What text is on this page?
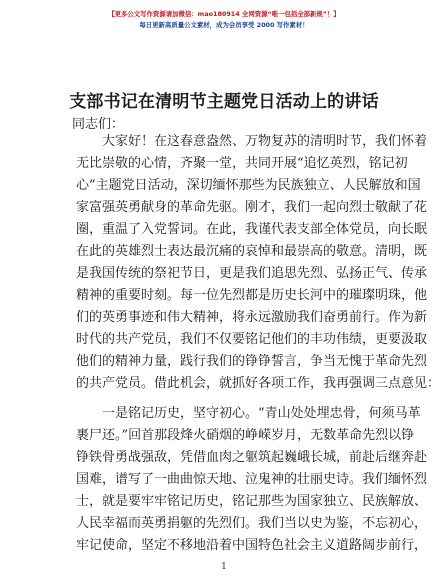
【更多公文写作资源请加微信：mao180914 全网资源“唯一包括全部新规”！】
每日更新高质量公文素材，成为会员享受 2000 写作素材！
支部书记在清明节主题党日活动上的讲话
同志们：
大家好！在这春意盎然、万物复苏的清明时节，我们怀着
无比崇敬的心情，齐聚一堂，共同开展“追忆英烈，铭记初
心”主题党日活动，深切缅怀那些为民族独立、人民解放和国
家富强英勇献身的革命先驱。刚才，我们一起向烈士敬献了花
圈，重温了入党誓词。在此，我谨代表支部全体党员，向长眠
在此的英雄烈士表达最沉痛的哀悼和最崇高的敬意。清明，既
是我国传统的祭祀节日，更是我们追思先烈、弘扬正气、传承
精神的重要时刻。每一位先烈都是历史长河中的璀璨明珠，他
们的英勇事迹和伟大精神，将永远激励我们奋勇前行。作为新
时代的共产党员，我们不仅要铭记他们的丰功伟绩，更要汲取
他们的精神力量，践行我们的铮铮誓言，争当无愧于革命先烈
的共产党员。借此机会，就抓好各项工作，我再强调三点意见：
一是铭记历史，坚守初心。“青山处处埋忠骨，何须马革
裹尸还。”回首那段烽火硝烟的峥嵘岁月，无数革命先烈以铮
铮铁骨勇战强敌，凭借血肉之躯筑起巍峨长城，前赴后继奔赴
国难，谱写了一曲曲惊天地、泣鬼神的壮丽史诗。我们缅怀烈
士，就是要牢牢铭记历史，铭记那些为国家独立、民族解放、
人民幸福而英勇捐躯的先烈们。我们当以史为鉴，不忘初心，
牢记使命，坚定不移地沿着中国特色社会主义道路阔步前行，
1
